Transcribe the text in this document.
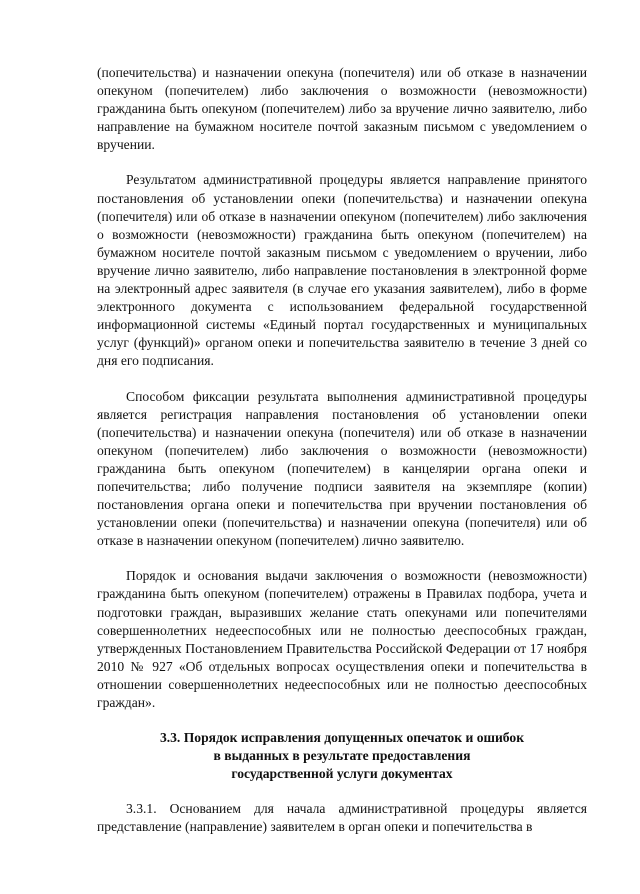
(попечительства) и назначении опекуна (попечителя) или об отказе в назначении опекуном (попечителем) либо заключения о возможности (невозможности) гражданина быть опекуном (попечителем) либо за вручение лично заявителю, либо направление на бумажном носителе почтой заказным письмом с уведомлением о вручении.

Результатом административной процедуры является направление принятого постановления об установлении опеки (попечительства) и назначении опекуна (попечителя) или об отказе в назначении опекуном (попечителем) либо заключения о возможности (невозможности) гражданина быть опекуном (попечителем) на бумажном носителе почтой заказным письмом с уведомлением о вручении, либо вручение лично заявителю, либо направление постановления в электронной форме на электронный адрес заявителя (в случае его указания заявителем), либо в форме электронного документа с использованием федеральной государственной информационной системы «Единый портал государственных и муниципальных услуг (функций)» органом опеки и попечительства заявителю в течение 3 дней со дня его подписания.

Способом фиксации результата выполнения административной процедуры является регистрация направления постановления об установлении опеки (попечительства) и назначении опекуна (попечителя) или об отказе в назначении опекуном (попечителем) либо заключения о возможности (невозможности) гражданина быть опекуном (попечителем) в канцелярии органа опеки и попечительства; либо получение подписи заявителя на экземпляре (копии) постановления органа опеки и попечительства при вручении постановления об установлении опеки (попечительства) и назначении опекуна (попечителя) или об отказе в назначении опекуном (попечителем) лично заявителю.

Порядок и основания выдачи заключения о возможности (невозможности) гражданина быть опекуном (попечителем) отражены в Правилах подбора, учета и подготовки граждан, выразивших желание стать опекунами или попечителями совершеннолетних недееспособных или не полностью дееспособных граждан, утвержденных Постановлением Правительства Российской Федерации от 17 ноября 2010 № 927 «Об отдельных вопросах осуществления опеки и попечительства в отношении совершеннолетних недееспособных или не полностью дееспособных граждан».

3.3. Порядок исправления допущенных опечаток и ошибок
в выданных в результате предоставления
государственной услуги документах

3.3.1. Основанием для начала административной процедуры является представление (направление) заявителем в орган опеки и попечительства в
